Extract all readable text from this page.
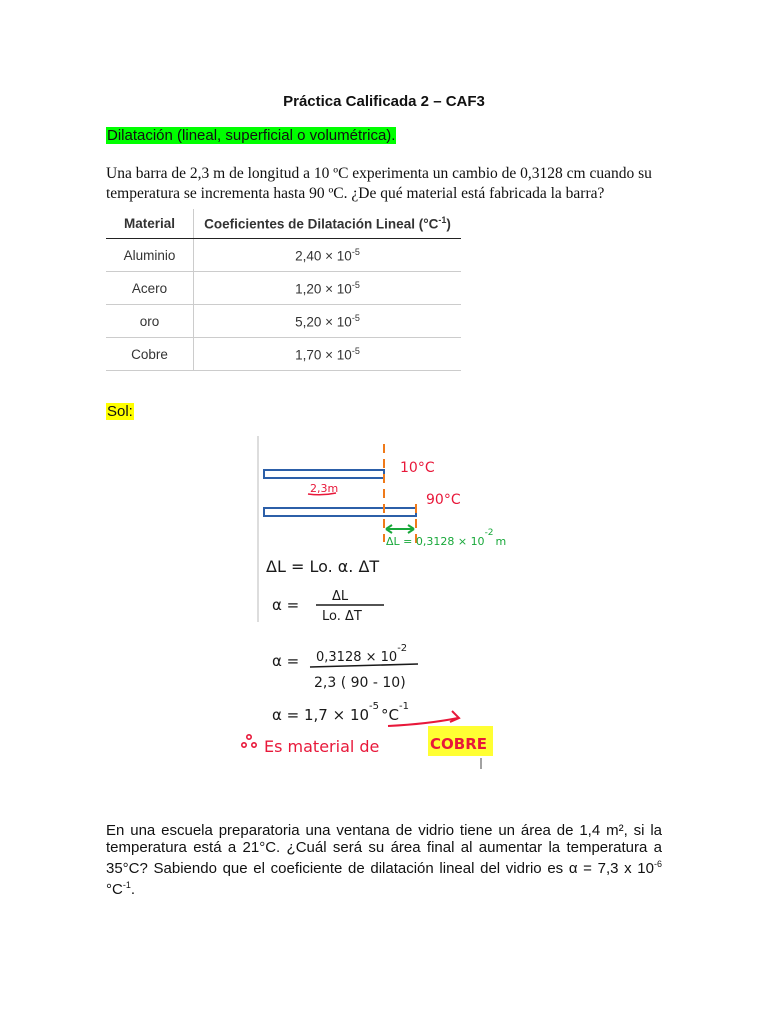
Práctica Calificada 2 – CAF3
Dilatación (lineal, superficial o volumétrica).
Una barra de 2,3 m de longitud a 10 ºC experimenta un cambio de 0,3128 cm cuando su temperatura se incrementa hasta 90 ºC. ¿De qué material está fabricada la barra?
Material	Coeficientes de Dilatación Lineal $(^\circ C^{-1})$
Aluminio	$2,40 \times 10^{-5}$
Acero	$1,20 \times 10^{-5}$
oro	$5,20 \times 10^{-5}$
Cobre	$1,70 \times 10^{-5}$
Sol:
10°C
90°C
2,3m
$\Delta L = 0,3128 \times 10^{-2}m$
ΔL = Lo. α. ΔT
α =	ΔL
Lo. ΔT
$\alpha = 0,3128 \times 10^{-2}$
2,3 ( 90 - 10)
$\alpha = 1,7 \times 10^{-5}$ $^\circ C^{-1}$
Es material de	COBRE
En una escuela preparatoria una ventana de vidrio tiene un área de 1,4 m², si la temperatura está a 21°C. ¿Cuál será su área final al aumentar la temperatura a 35°C? Sabiendo que el coeficiente de dilatación lineal del vidrio es α = 7,3 x $10^{-6}$ $^\circ C^{-1}$.
